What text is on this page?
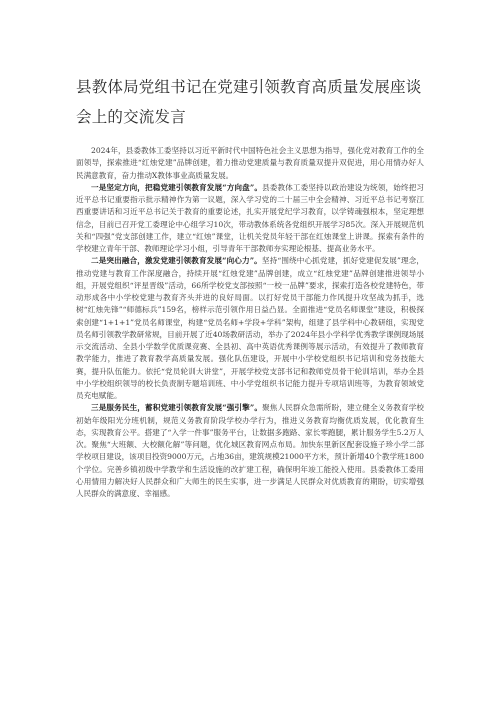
县教体局党组书记在党建引领教育高质量发展座谈
会上的交流发言

2024年，县委教体工委坚持以习近平新时代中国特色社会主义思想为指导，强化党对教育工作的全面领导，探索推进“红烛党建”品牌创建，着力推动党建质量与教育质量双提升双促进，用心用情办好人民满意教育，奋力推动X教体事业高质量发展。

一是坚定方向，把稳党建引领教育发展“方向盘”。县委教体工委坚持以政治建设为统领，始终把习近平总书记重要指示批示精神作为第一议题，深入学习党的二十届三中全会精神、习近平总书记考察江西重要讲话和习近平总书记关于教育的重要论述，扎实开展党纪学习教育，以学铸魂强根本，坚定理想信念，目前已召开党工委理论中心组学习10次，带动教体系统各党组织开展学习85次。深入开展规范机关和“四强”党支部创建工作，建立“红烛”课堂，让机关党员年轻干部在红烛课堂上讲课。探索有条件的学校建立青年干部、教师理论学习小组，引导青年干部教师夯实理论根基、提高业务水平。

二是突出融合，激发党建引领教育发展“向心力”。坚持“围绕中心抓党建，抓好党建促发展”理念，推动党建与教育工作深度融合，持续开展“红烛党建”品牌创建，成立“红烛党建”品牌创建推进领导小组，开展党组织“评星晋级”活动，66所学校党支部按照“一校一品牌”要求，探索打造各校党建特色，带动形成各中小学校党建与教育齐头并进的良好局面。以打好党员干部能力作风提升攻坚战为抓手，选树“红烛先锋”“师德标兵”159名，榜样示范引领作用日益凸显。全面推进“党员名师课堂”建设，积极探索创建“1+1+1”党员名师课堂，构建“党员名师+学段+学科”架构，组建了县学科中心教研组，实现党员名师引领教学教研常规，目前开展了近40场教研活动，举办了2024年县小学科学优秀教学课例现场展示交流活动、全县小学数学优质课竞赛、全县初、高中英语优秀课例等展示活动，有效提升了教师教育教学能力，推进了教育教学高质量发展。强化队伍建设，开展中小学校党组织书记培训和党务技能大赛，提升队伍能力。依托“党员轮训大讲堂”，开展学校党支部书记和教师党员骨干轮训培训，举办全县中小学校组织领导的校长负责制专题培训班、中小学党组织书记能力提升专项培训班等，为教育领域党员充电赋能。

三是服务民生，蓄积党建引领教育发展“强引擎”。聚焦人民群众急需所盼，建立健全义务教育学校初始年级阳光分班机制，规范义务教育阶段学校办学行为，推进义务教育均衡优质发展，优化教育生态，实现教育公平。搭建了“入学一件事”服务平台，让数据多跑路、家长零跑腿，累计服务学生5.2万人次。聚焦“大班额、大校额化解”等问题，优化城区教育网点布局。加快东里新区配套设施子珍小学二部学校项目建设，该项目投资9000万元，占地36亩，建筑规模21000平方米，预计新增40个教学班1800个学位。完善乡镇初级中学教学和生活设施的改扩建工程，确保明年竣工能投入使用。县委教体工委用心用情用力解决好人民群众和广大师生的民生实事，进一步满足人民群众对优质教育的期盼，切实增强人民群众的满意度、幸福感。
